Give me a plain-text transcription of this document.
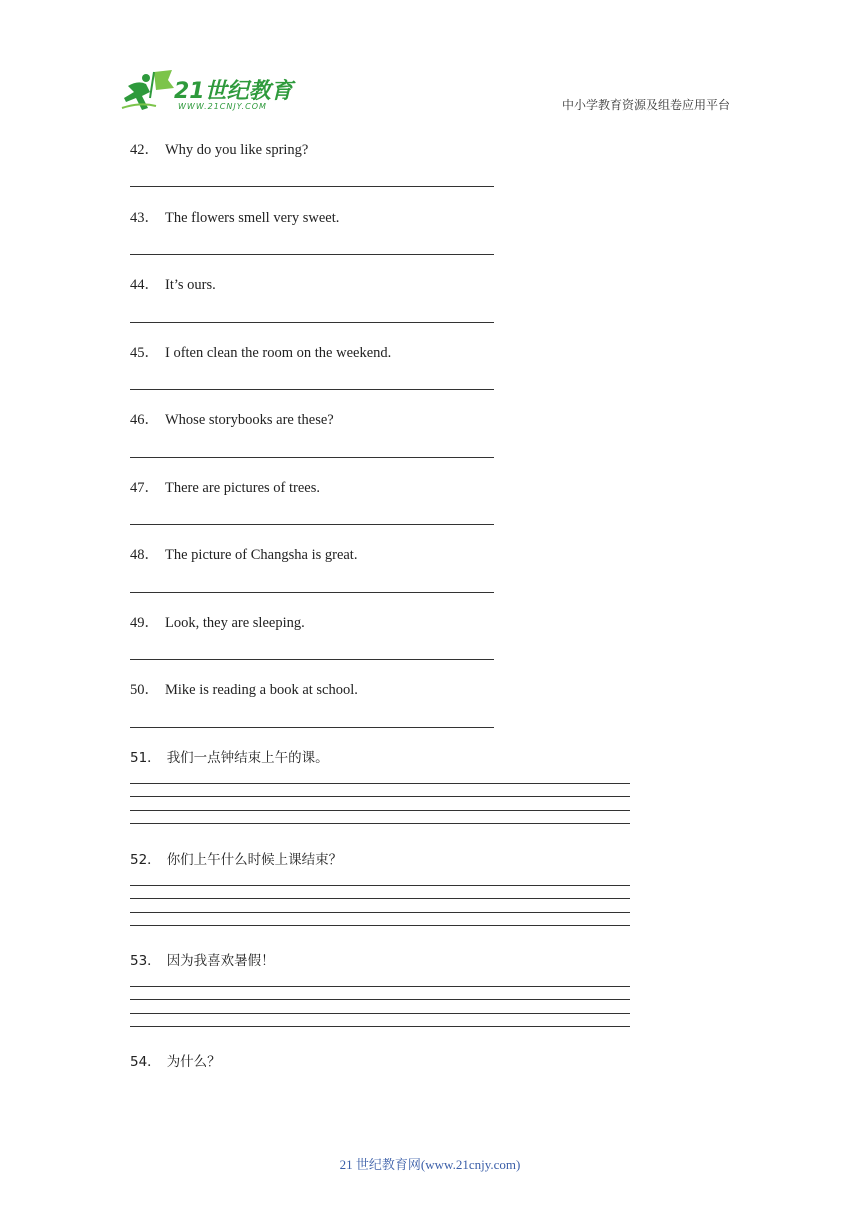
21世纪教育
WWW.21CNJY.COM	中小学教育资源及组卷应用平台
42． Why do you like spring?
43． The flowers smell very sweet.
44． It’s ours.
45． I often clean the room on the weekend.
46． Whose storybooks are these?
47． There are pictures of trees.
48． The picture of Changsha is great.
49． Look, they are sleeping.
50． Mike is reading a book at school.
51． 我们一点钟结束上午的课。
52． 你们上午什么时候上课结束？
53． 因为我喜欢暑假！
54． 为什么？
21 世纪教育网(www.21cnjy.com)
